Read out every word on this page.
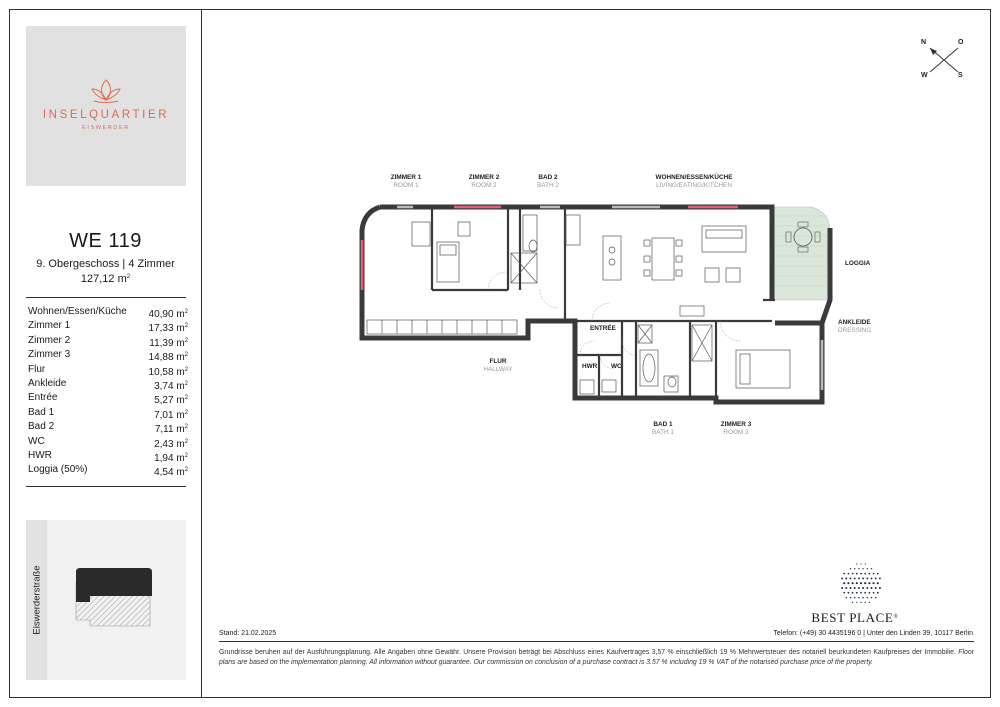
INSELQUARTIER
EISWERDER
WE 119
9. Obergeschoss | 4 Zimmer
127,12 $m^2$
Wohnen/Essen/Küche	40,90 $m^2$
Zimmer 1	17,33 $m^2$
Zimmer 2	11,39 $m^2$
Zimmer 3	14,88 $m^2$
Flur	10,58 $m^2$
Ankleide	3,74 $m^2$
Entrée	5,27 $m^2$
Bad 1	7,01 $m^2$
Bad 2	7,11 $m^2$
WC	2,43 $m^2$
HWR	1,94 $m^2$
Loggia (50%)	4,54 $m^2$
Eiswerderstraße
ZIMMER 1
ROOM 1
ZIMMER 2
ROOM 2
BAD 2
BATH 2
WOHNEN/ESSEN/KÜCHE
LIVING/EATING/KITCHEN
LOGGIA
ANKLEIDE
DRESSING
ENTRÉE
FLUR
HALLWAY	HWR WC
BAD 1
BATH 1
ZIMMER 3
ROOM 3
N	O
W	S
BEST PLACE®
Stand: 21.02.2025	Telefon: (+49) 30 4435196 0 | Unter den Linden 39, 10117 Berlin
Grundrisse beruhen auf der Ausführungsplanung. Alle Angaben ohne Gewähr. Unsere Provision beträgt bei Abschluss eines Kaufvertrages 3,57 % einschließlich 19 % Mehrwertsteuer des notariell beurkundeten Kaufpreises der Immobilie. Floor plans are based on the implementation planning. All information without guarantee. Our commission on conclusion of a purchase contract is 3.57 % including 19 % VAT of the notarised purchase price of the property.
